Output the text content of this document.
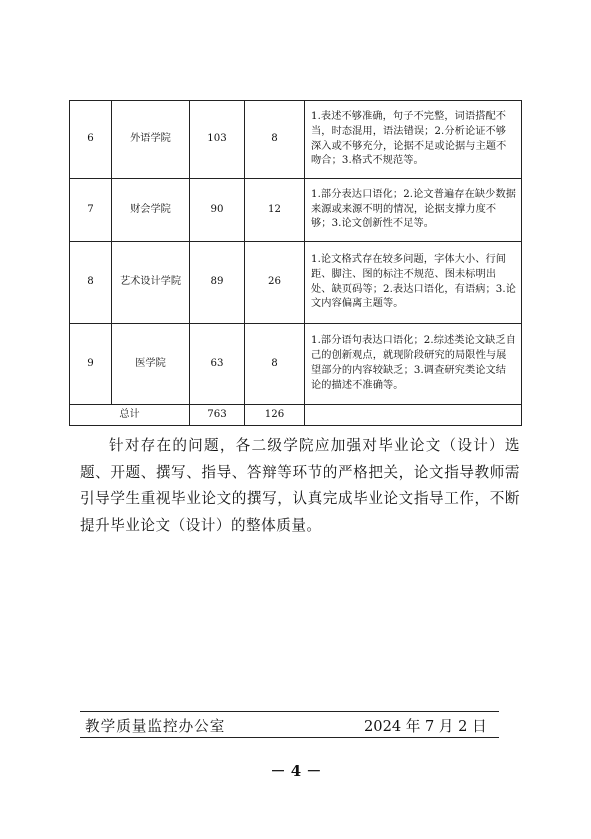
6	外语学院	103	8	1.表述不够准确，句子不完整，词语搭配不当，时态混用，语法错误；2.分析论证不够深入或不够充分，论据不足或论据与主题不吻合；3.格式不规范等。
7	财会学院	90	12	1.部分表达口语化；2.论文普遍存在缺少数据来源或来源不明的情况，论据支撑力度不够；3.论文创新性不足等。
8	艺术设计学院	89	26	1.论文格式存在较多问题，字体大小、行间距、脚注、图的标注不规范、图未标明出处、缺页码等；2.表达口语化，有语病；3.论文内容偏离主题等。
9	医学院	63	8	1.部分语句表达口语化；2.综述类论文缺乏自己的创新观点，就现阶段研究的局限性与展望部分的内容较缺乏；3.调查研究类论文结论的描述不准确等。
总计		763	126	

针对存在的问题，各二级学院应加强对毕业论文（设计）选题、开题、撰写、指导、答辩等环节的严格把关，论文指导教师需引导学生重视毕业论文的撰写，认真完成毕业论文指导工作，不断提升毕业论文（设计）的整体质量。

教学质量监控办公室	2024 年 7 月 2 日
－ 4 －
